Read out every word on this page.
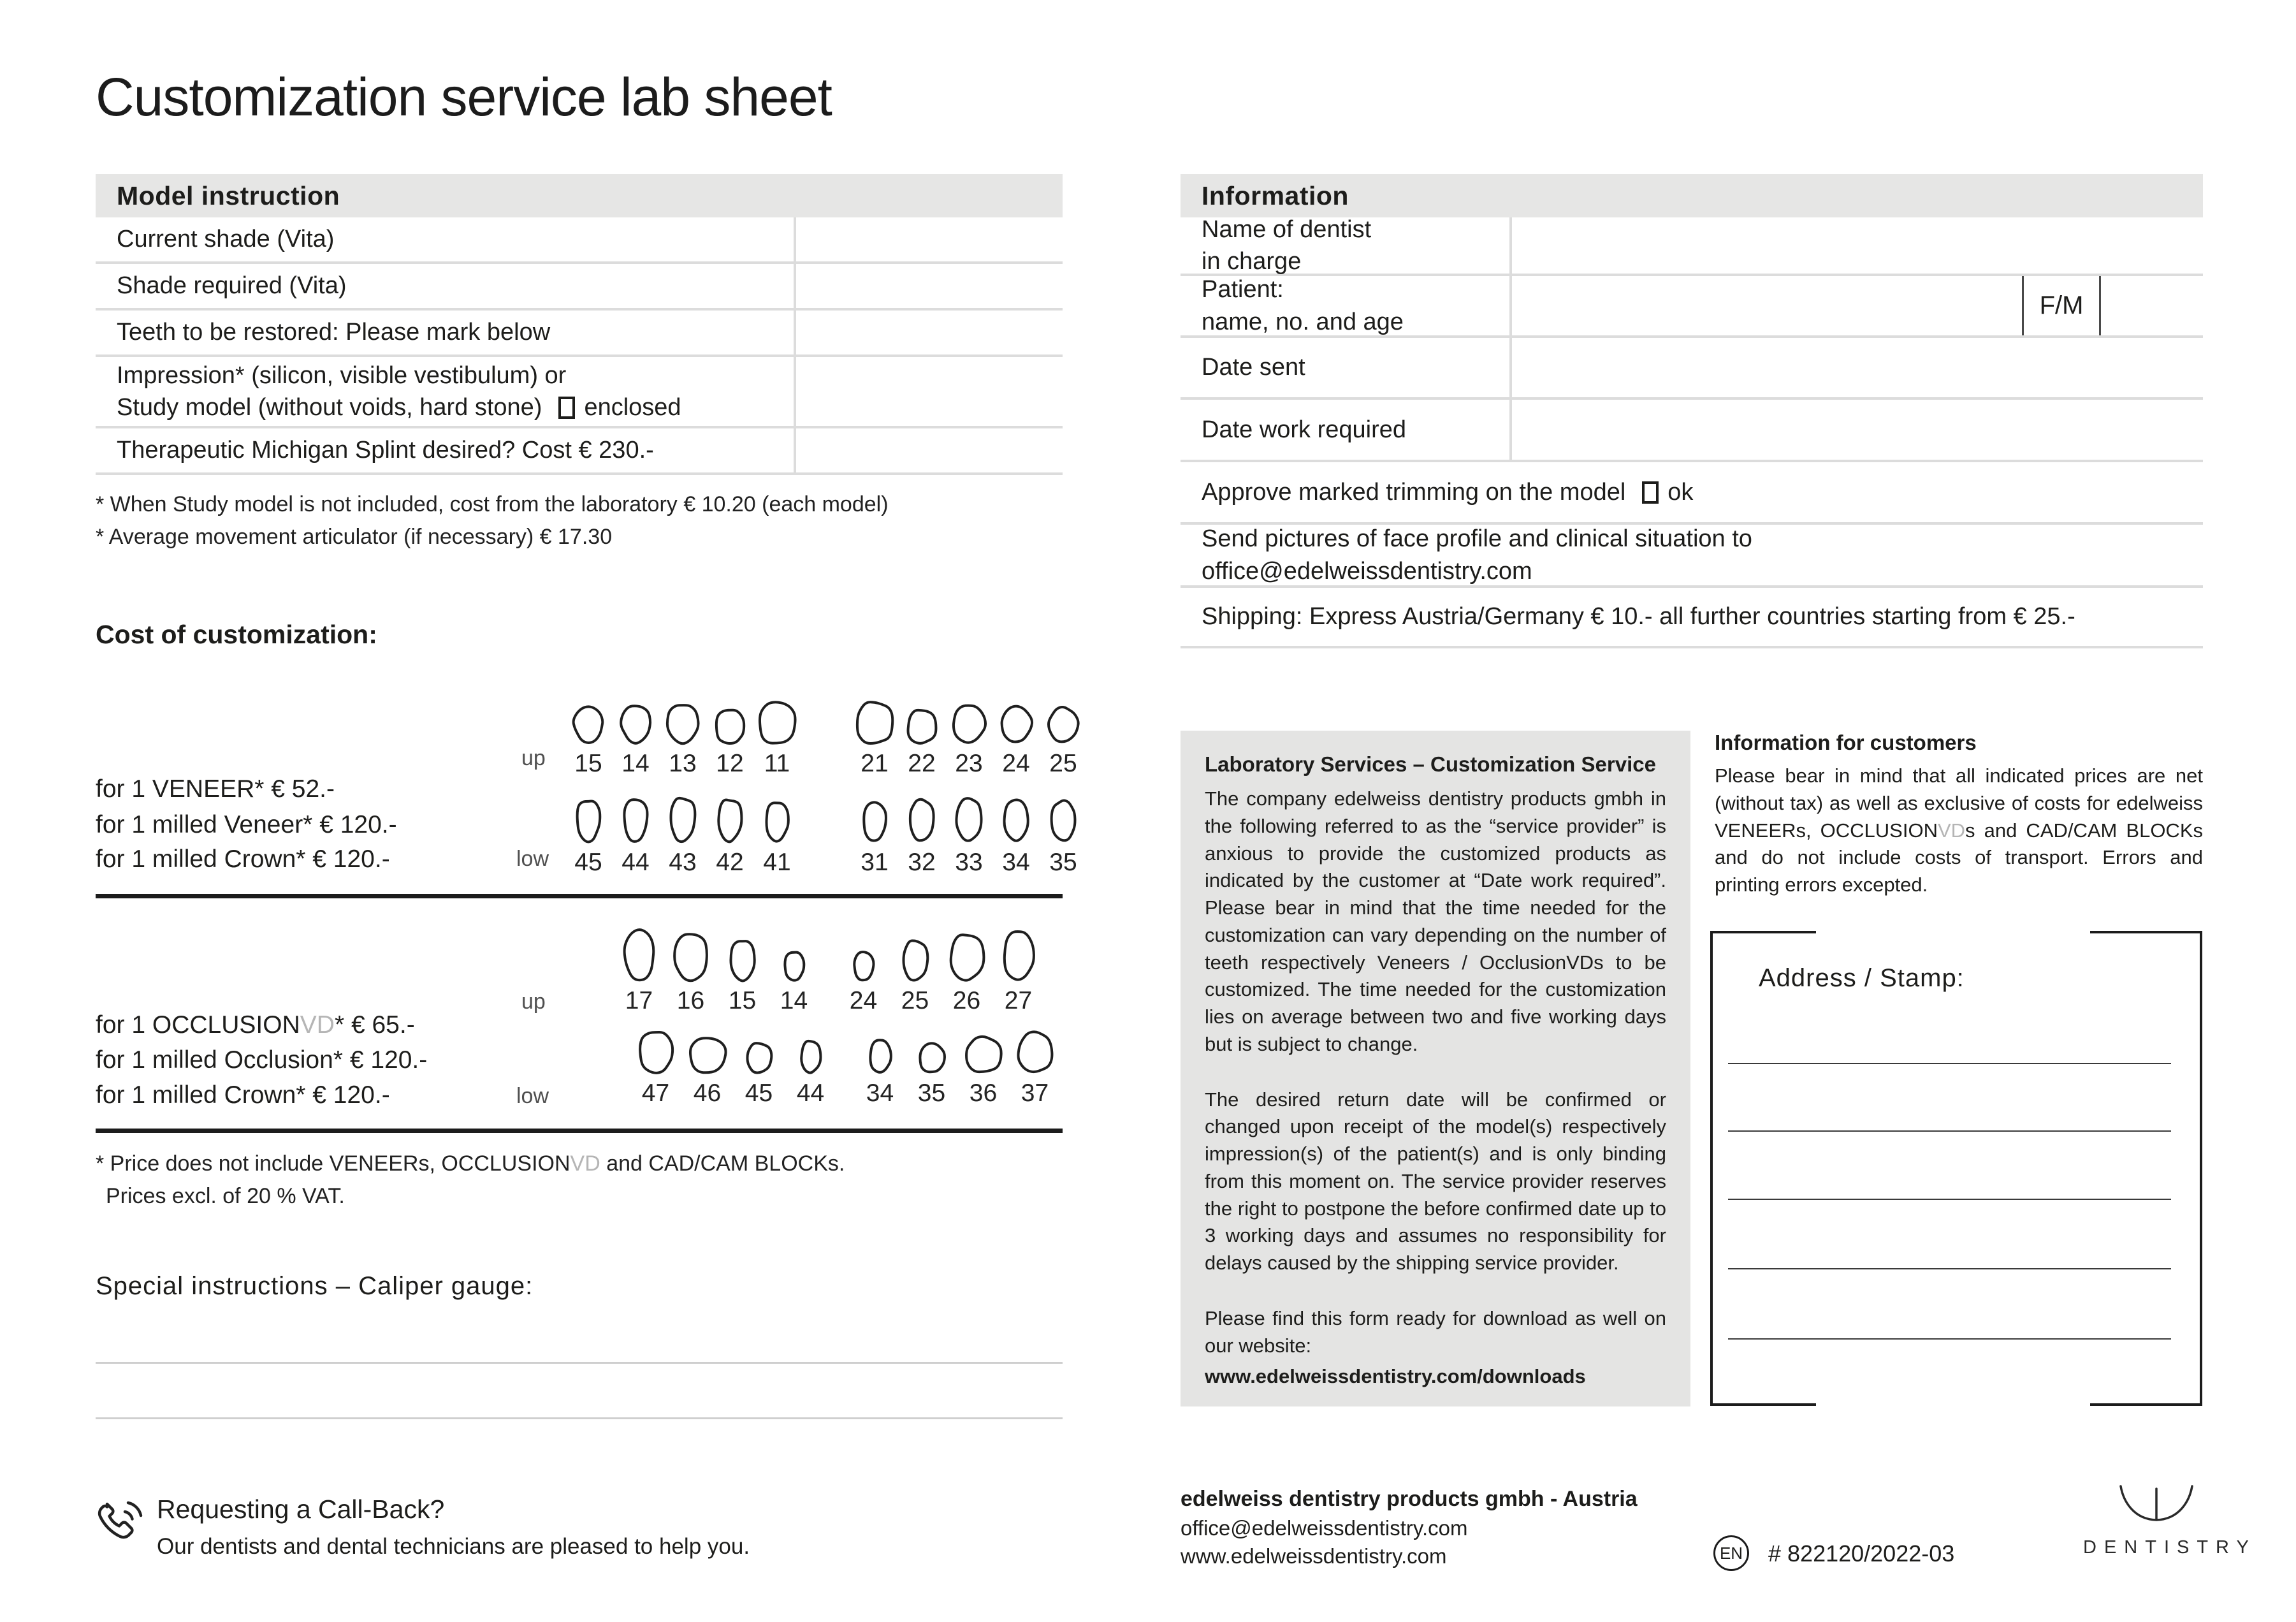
Customization service lab sheet
Model instruction
Current shade (Vita)
Shade required (Vita)
Teeth to be restored: Please mark below
Impression* (silicon, visible vestibulum) or
Study model (without voids, hard stone) enclosed
Therapeutic Michigan Splint desired? Cost € 230.-
* When Study model is not included, cost from the laboratory € 10.20 (each model)
* Average movement articulator (if necessary) € 17.30
Cost of customization:
15 14 13 12 11	21 22 23 24 25
up
for 1 VENEER* € 52.-
for 1 milled Veneer* € 120.-
for 1 milled Crown* € 120.-	45 44 43 42 41	31 32 33 34 35
low
17 16 15 14 24 25 26 27
up
for 1 OCCLUSIONVD* € 65.-
for 1 milled Occlusion* € 120.-
for 1 milled Crown* € 120.-	47 46 45 44 34 35 36 37
low
* Price does not include VENEERs, OCCLUSIONVD and CAD/CAM BLOCKs.
Prices excl. of 20 % VAT.
Special instructions – Caliper gauge:
Requesting a Call-Back?
Our dentists and dental technicians are pleased to help you.
Information
Name of dentist
in charge
Patient:
name, no. and age
F/M
Date sent
Date work required
Approve marked trimming on the model ok
Send pictures of face profile and clinical situation to
office@edelweissdentistry.com
Shipping: Express Austria/Germany € 10.- all further countries starting from € 25.-
Laboratory Services – Customization Service

The company edelweiss dentistry products gmbh in the following referred to as the “service provider” is anxious to provide the customized products as indicated by the customer at “Date work required”. Please bear in mind that the time needed for the customization can vary depending on the number of teeth respectively Veneers / OcclusionVDs to be customized. The time needed for the customization lies on average between two and five working days but is subject to change.

The desired return date will be confirmed or changed upon receipt of the model(s) respectively impression(s) of the patient(s) and is only binding from this moment on. The service provider reserves the right to postpone the before confirmed date up to 3 working days and assumes no responsibility for delays caused by the shipping service provider.

Please find this form ready for download as well on our website:

www.edelweissdentistry.com/downloads
Information for customers

Please bear in mind that all indicated prices are net (without tax) as well as exclusive of costs for edelweiss VENEERs, OCCLUSIONVDs and CAD/CAM BLOCKs and do not include costs of transport. Errors and printing errors excepted.

Address / Stamp:
edelweiss dentistry products gmbh - Austria
office@edelweissdentistry.com
www.edelweissdentistry.com	EN # 822120/2022-03	DENTISTRY
